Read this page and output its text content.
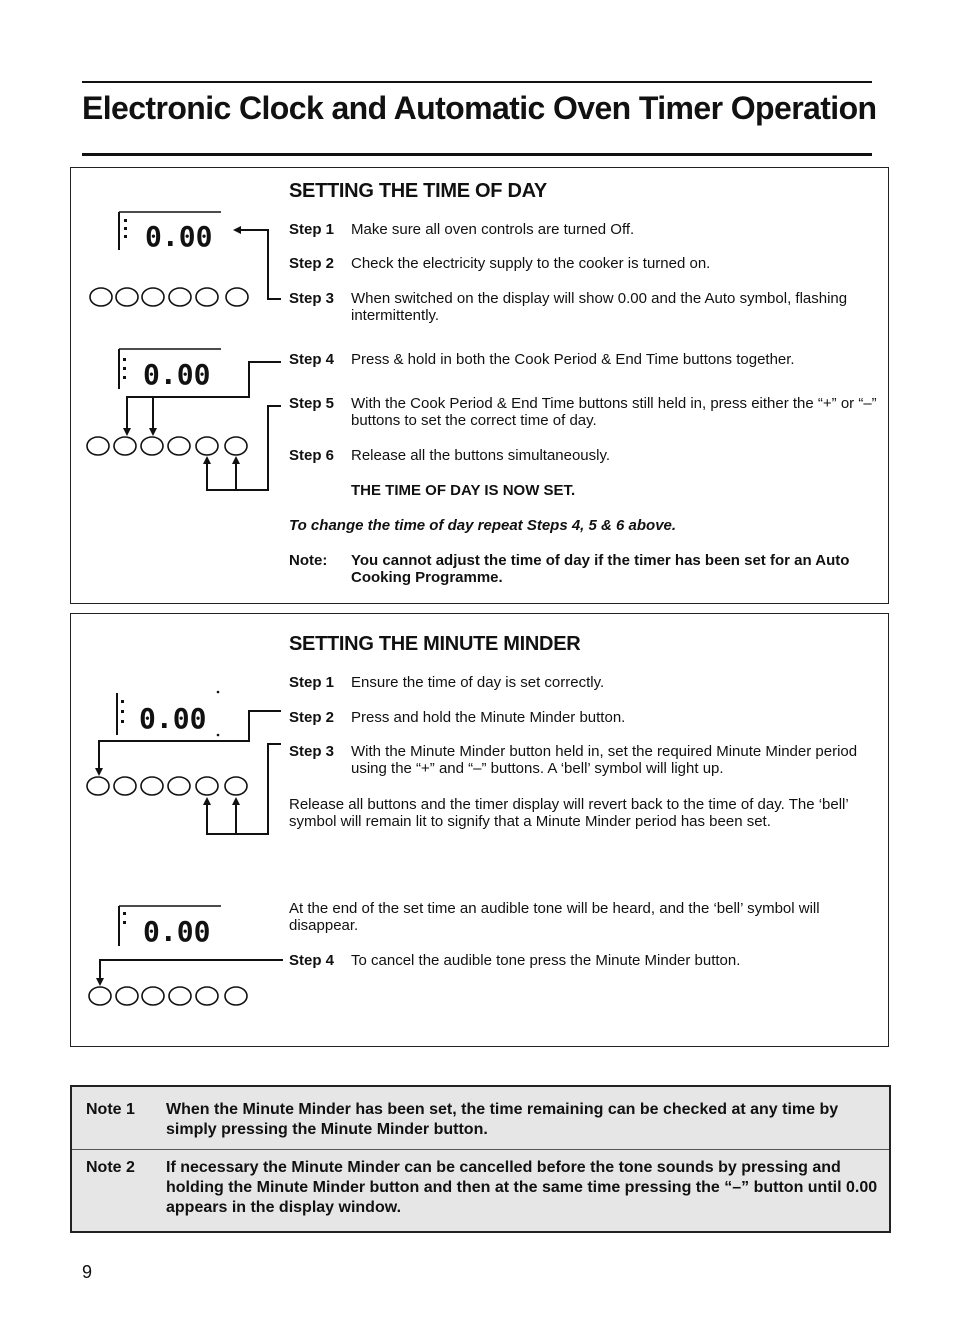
Electronic Clock and Automatic Oven Timer Operation
0.00
0.00
SETTING THE TIME OF DAY
Step 1 Make sure all oven controls are turned Off.
Step 2 Check the electricity supply to the cooker is turned on.
Step 3 When switched on the display will show 0.00 and the Auto symbol, flashing intermittently.
Step 4 Press & hold in both the Cook Period & End Time buttons together.
Step 5 With the Cook Period & End Time buttons still held in, press either the “+” or “–” buttons to set the correct time of day.
Step 6 Release all the buttons simultaneously.
THE TIME OF DAY IS NOW SET.
To change the time of day repeat Steps 4, 5 & 6 above.
Note: You cannot adjust the time of day if the timer has been set for an Auto Cooking Programme.
0.00
0.00
SETTING THE MINUTE MINDER
Step 1 Ensure the time of day is set correctly.
Step 2 Press and hold the Minute Minder button.
Step 3 With the Minute Minder button held in, set the required Minute Minder period using the “+” and “–” buttons. A ‘bell’ symbol will light up.
Release all buttons and the timer display will revert back to the time of day. The ‘bell’ symbol will remain lit to signify that a Minute Minder period has been set.
At the end of the set time an audible tone will be heard, and the ‘bell’ symbol will disappear.
Step 4 To cancel the audible tone press the Minute Minder button.
Note 1 When the Minute Minder has been set, the time remaining can be checked at any time by simply pressing the Minute Minder button.
Note 2 If necessary the Minute Minder can be cancelled before the tone sounds by pressing and holding the Minute Minder button and then at the same time pressing the “–” button until 0.00 appears in the display window.
9
